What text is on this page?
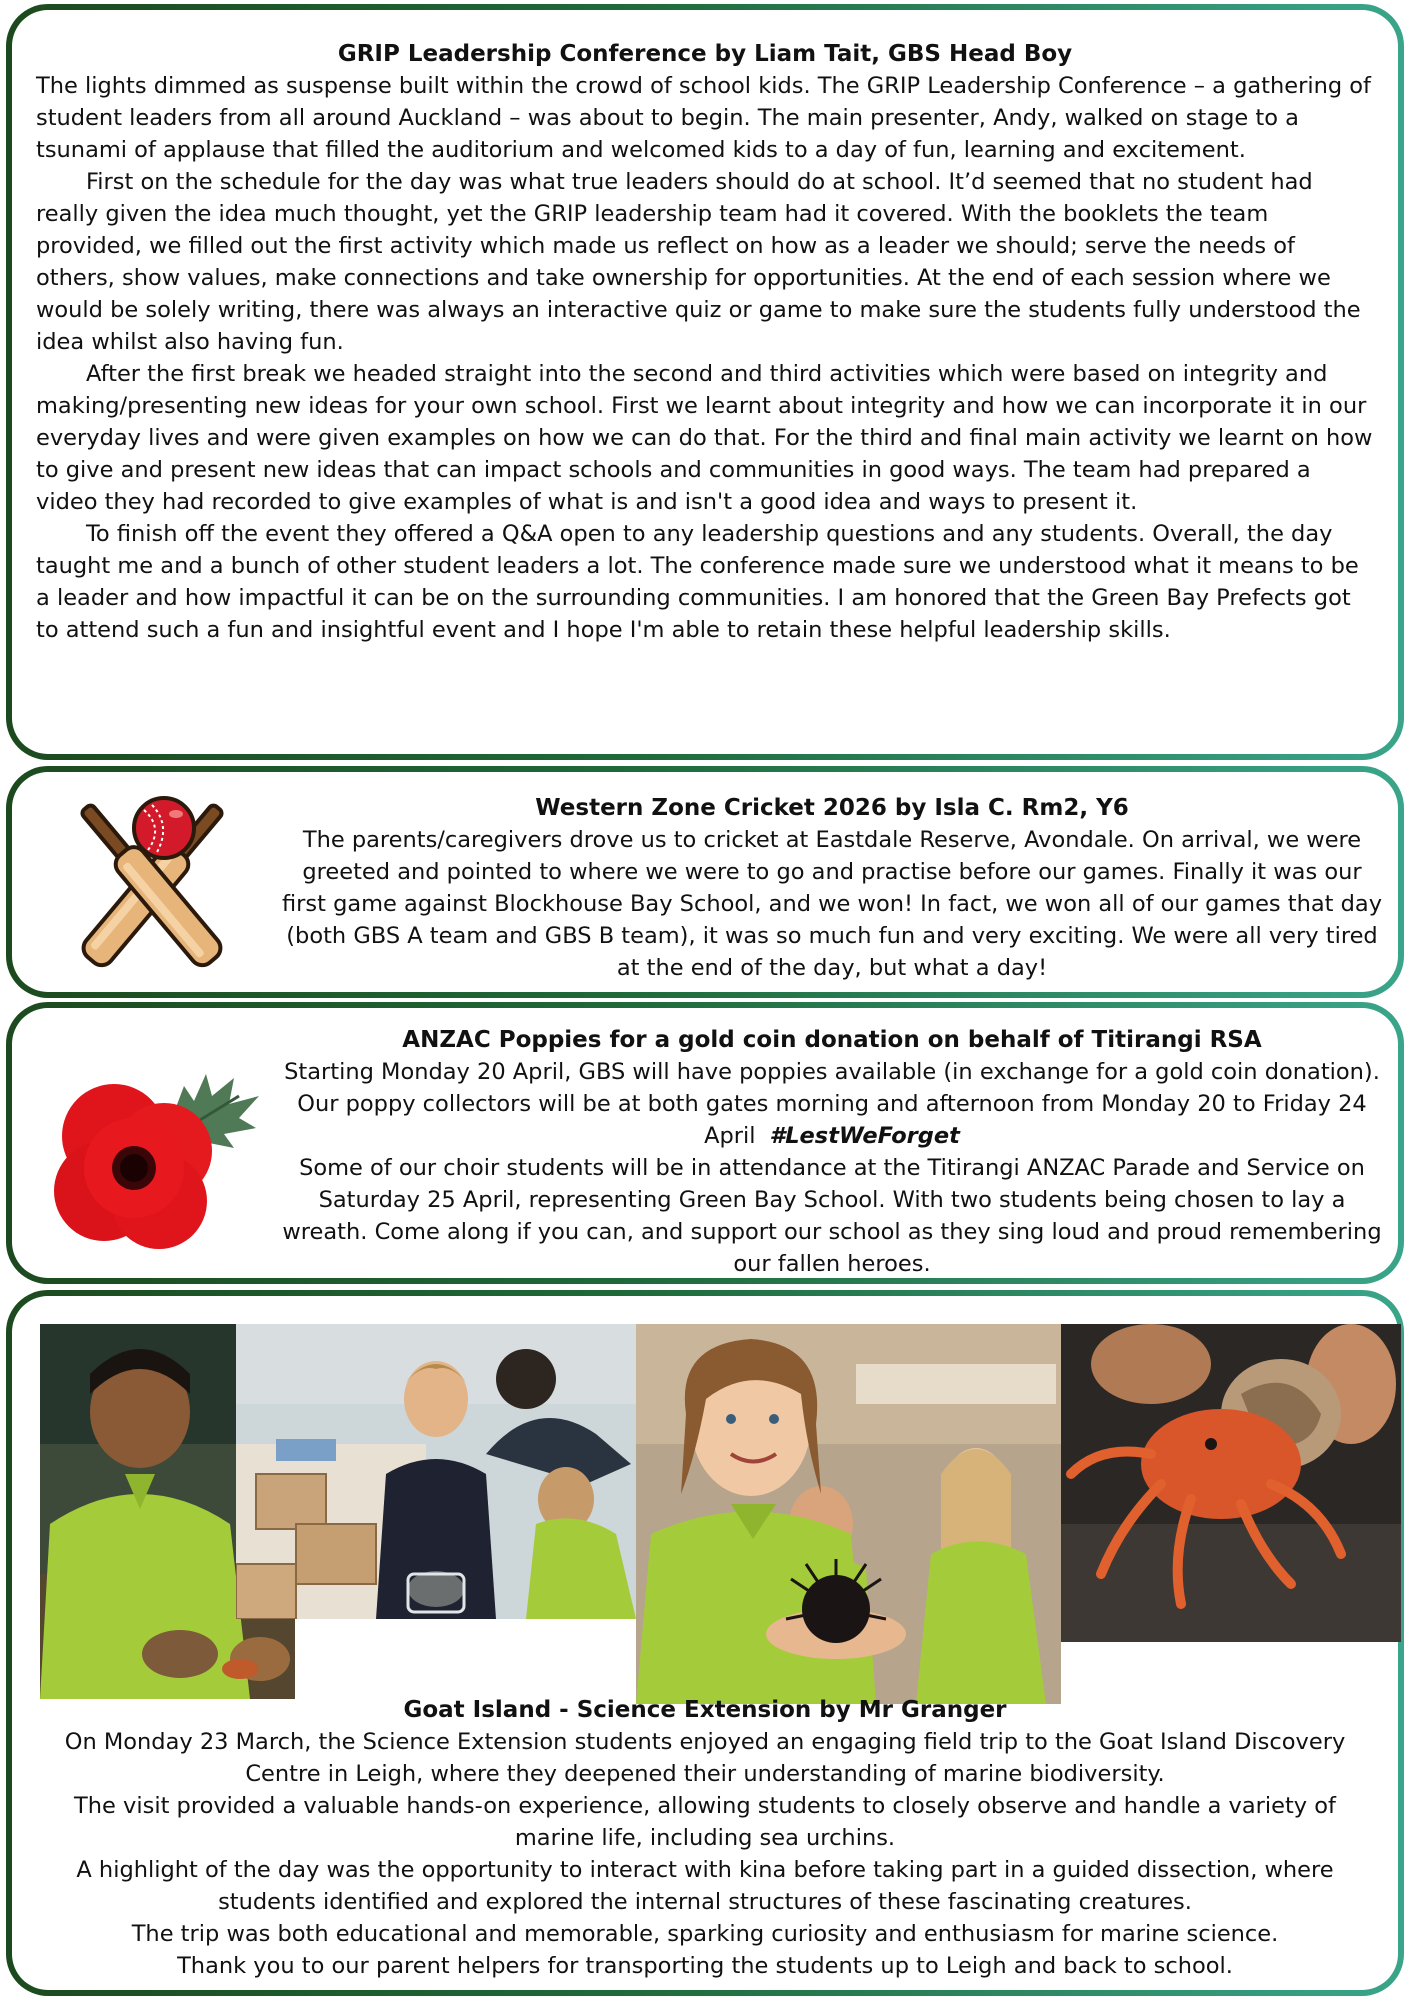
GRIP Leadership Conference by Liam Tait, GBS Head Boy

The lights dimmed as suspense built within the crowd of school kids. The GRIP Leadership Conference – a gathering of student leaders from all around Auckland – was about to begin. The main presenter, Andy, walked on stage to a tsunami of applause that filled the auditorium and welcomed kids to a day of fun, learning and excitement.

First on the schedule for the day was what true leaders should do at school. It’d seemed that no student had really given the idea much thought, yet the GRIP leadership team had it covered. With the booklets the team provided, we filled out the first activity which made us reflect on how as a leader we should; serve the needs of others, show values, make connections and take ownership for opportunities. At the end of each session where we would be solely writing, there was always an interactive quiz or game to make sure the students fully understood the idea whilst also having fun.

After the first break we headed straight into the second and third activities which were based on integrity and making/presenting new ideas for your own school. First we learnt about integrity and how we can incorporate it in our everyday lives and were given examples on how we can do that. For the third and final main activity we learnt on how to give and present new ideas that can impact schools and communities in good ways. The team had prepared a video they had recorded to give examples of what is and isn't a good idea and ways to present it.

To finish off the event they offered a Q&A open to any leadership questions and any students. Overall, the day taught me and a bunch of other student leaders a lot. The conference made sure we understood what it means to be a leader and how impactful it can be on the surrounding communities. I am honored that the Green Bay Prefects got to attend such a fun and insightful event and I hope I'm able to retain these helpful leadership skills.

Western Zone Cricket 2026 by Isla C. Rm2, Y6
The parents/caregivers drove us to cricket at Eastdale Reserve, Avondale. On arrival, we were greeted and pointed to where we were to go and practise before our games. Finally it was our first game against Blockhouse Bay School, and we won! In fact, we won all of our games that day (both GBS A team and GBS B team), it was so much fun and very exciting. We were all very tired at the end of the day, but what a day!
ANZAC Poppies for a gold coin donation on behalf of Titirangi RSA
Starting Monday 20 April, GBS will have poppies available (in exchange for a gold coin donation). Our poppy collectors will be at both gates morning and afternoon from Monday 20 to Friday 24 April #LestWeForget
Some of our choir students will be in attendance at the Titirangi ANZAC Parade and Service on Saturday 25 April, representing Green Bay School. With two students being chosen to lay a wreath. Come along if you can, and support our school as they sing loud and proud remembering our fallen heroes.
Goat Island - Science Extension by Mr Granger
On Monday 23 March, the Science Extension students enjoyed an engaging field trip to the Goat Island Discovery Centre in Leigh, where they deepened their understanding of marine biodiversity.
The visit provided a valuable hands-on experience, allowing students to closely observe and handle a variety of marine life, including sea urchins.
A highlight of the day was the opportunity to interact with kina before taking part in a guided dissection, where students identified and explored the internal structures of these fascinating creatures.
The trip was both educational and memorable, sparking curiosity and enthusiasm for marine science.
Thank you to our parent helpers for transporting the students up to Leigh and back to school.
